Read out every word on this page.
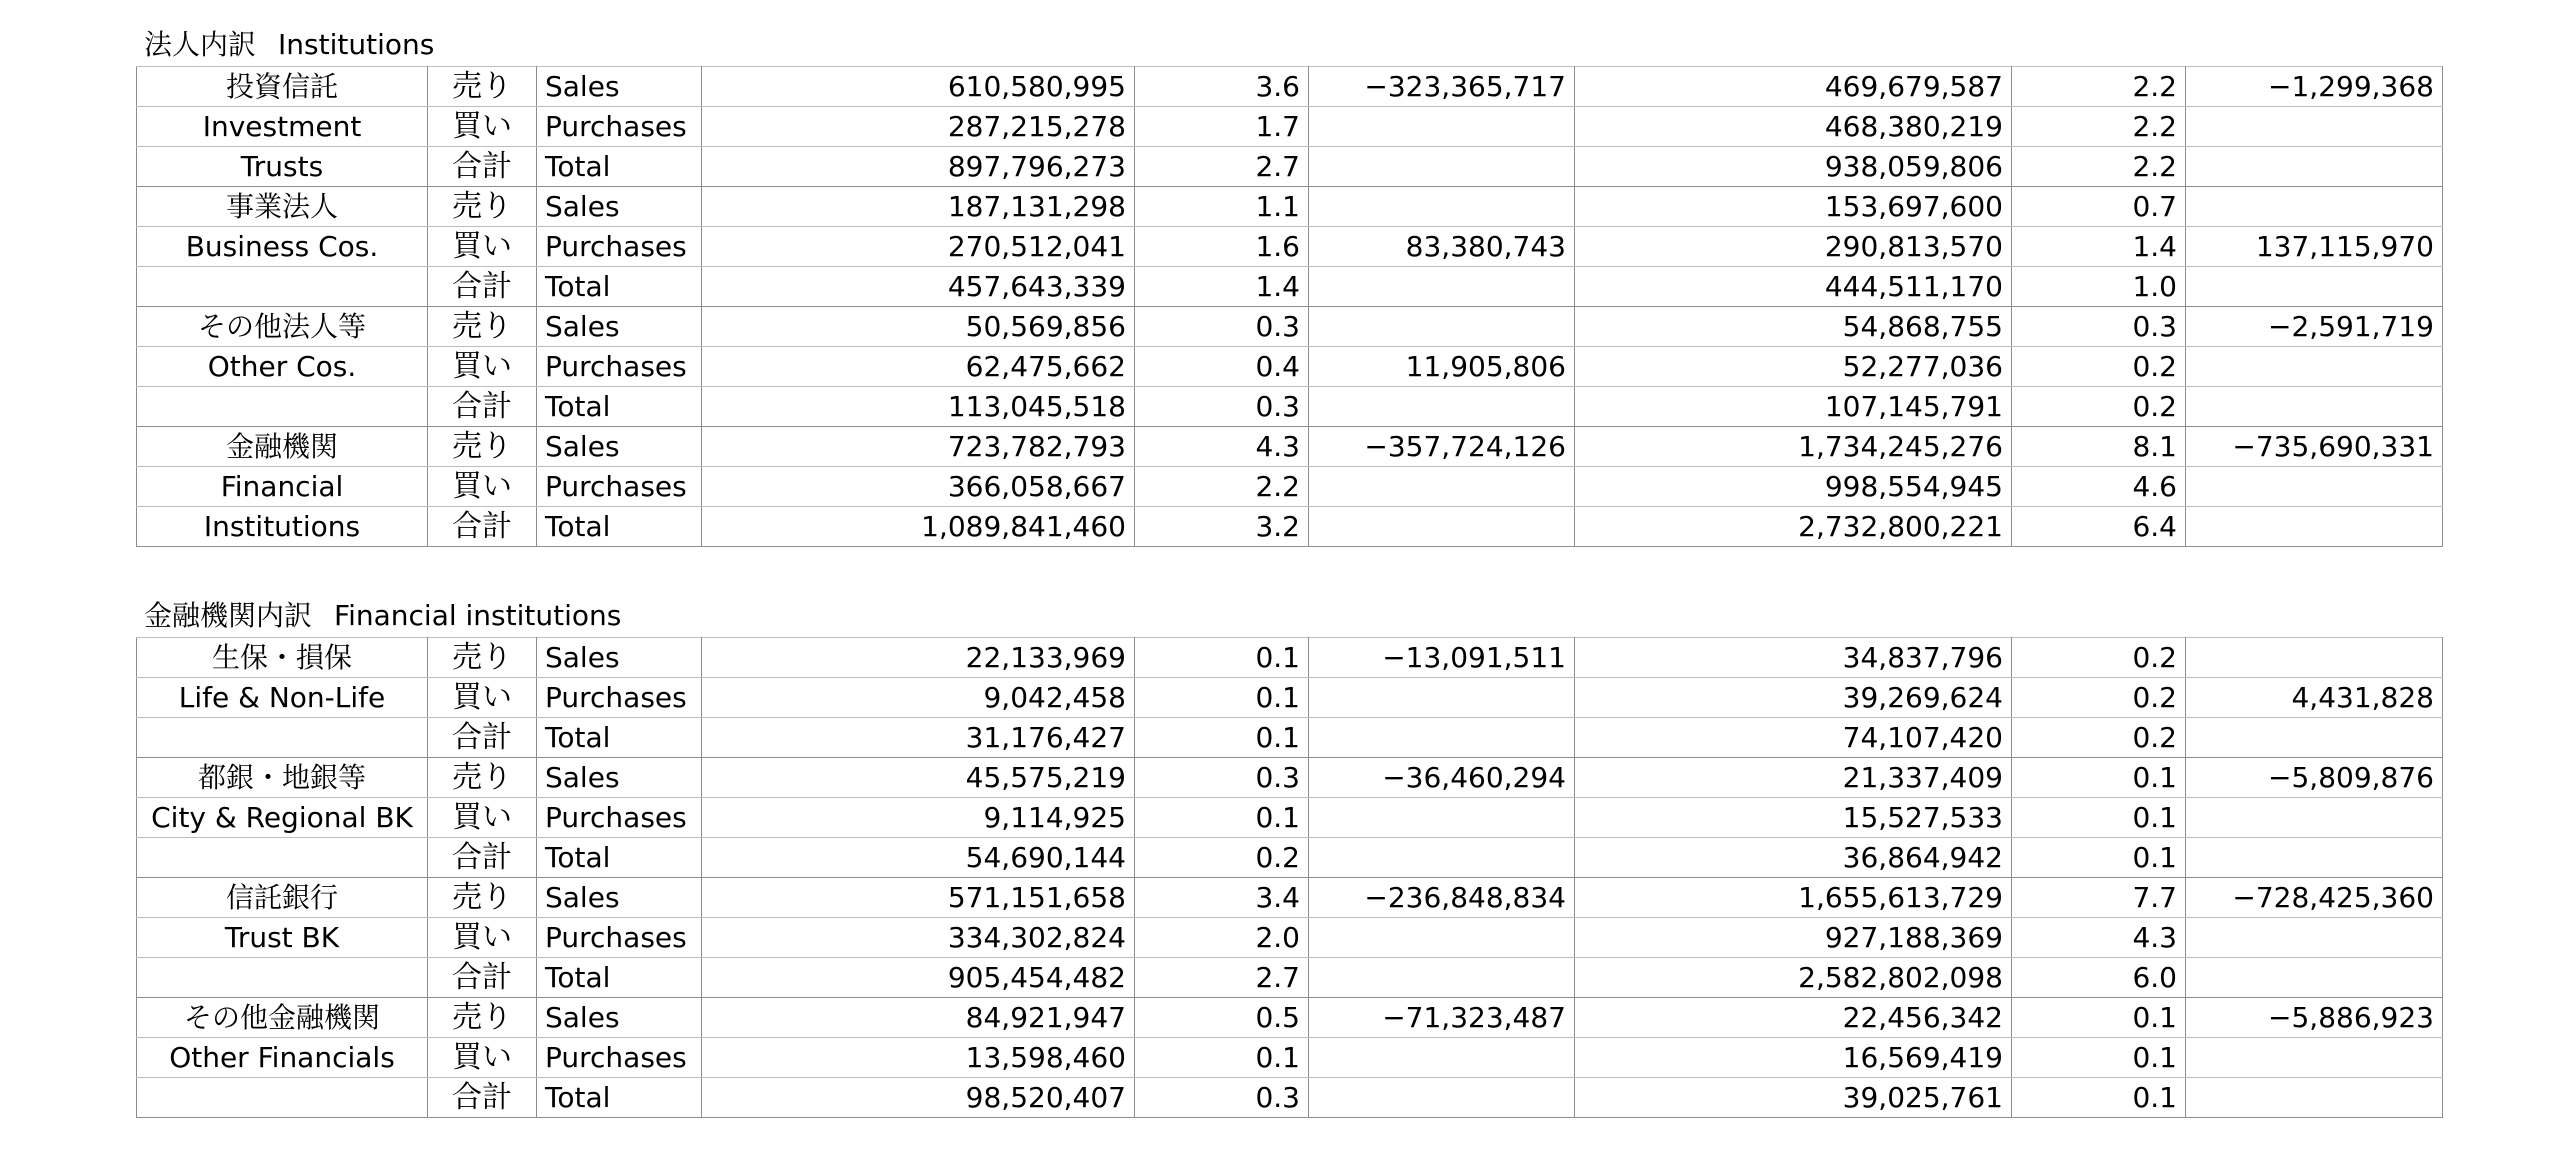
法人内訳 Institutions
投資信託	売り	Sales	610,580,995	3.6	−323,365,717	469,679,587	2.2	−1,299,368
Investment	買い	Purchases	287,215,278	1.7		468,380,219	2.2	
Trusts	合計	Total	897,796,273	2.7		938,059,806	2.2	
事業法人	売り	Sales	187,131,298	1.1		153,697,600	0.7	
Business Cos.	買い	Purchases	270,512,041	1.6	83,380,743	290,813,570	1.4	137,115,970
	合計	Total	457,643,339	1.4		444,511,170	1.0	
その他法人等	売り	Sales	50,569,856	0.3		54,868,755	0.3	−2,591,719
Other Cos.	買い	Purchases	62,475,662	0.4	11,905,806	52,277,036	0.2	
	合計	Total	113,045,518	0.3		107,145,791	0.2	
金融機関	売り	Sales	723,782,793	4.3	−357,724,126	1,734,245,276	8.1	−735,690,331
Financial	買い	Purchases	366,058,667	2.2		998,554,945	4.6	
Institutions	合計	Total	1,089,841,460	3.2		2,732,800,221	6.4	
金融機関内訳 Financial institutions
生保・損保	売り	Sales	22,133,969	0.1	−13,091,511	34,837,796	0.2	
Life & Non-Life	買い	Purchases	9,042,458	0.1		39,269,624	0.2	4,431,828
	合計	Total	31,176,427	0.1		74,107,420	0.2	
都銀・地銀等	売り	Sales	45,575,219	0.3	−36,460,294	21,337,409	0.1	−5,809,876
City & Regional BK	買い	Purchases	9,114,925	0.1		15,527,533	0.1	
	合計	Total	54,690,144	0.2		36,864,942	0.1	
信託銀行	売り	Sales	571,151,658	3.4	−236,848,834	1,655,613,729	7.7	−728,425,360
Trust BK	買い	Purchases	334,302,824	2.0		927,188,369	4.3	
	合計	Total	905,454,482	2.7		2,582,802,098	6.0	
その他金融機関	売り	Sales	84,921,947	0.5	−71,323,487	22,456,342	0.1	−5,886,923
Other Financials	買い	Purchases	13,598,460	0.1		16,569,419	0.1	
	合計	Total	98,520,407	0.3		39,025,761	0.1	
